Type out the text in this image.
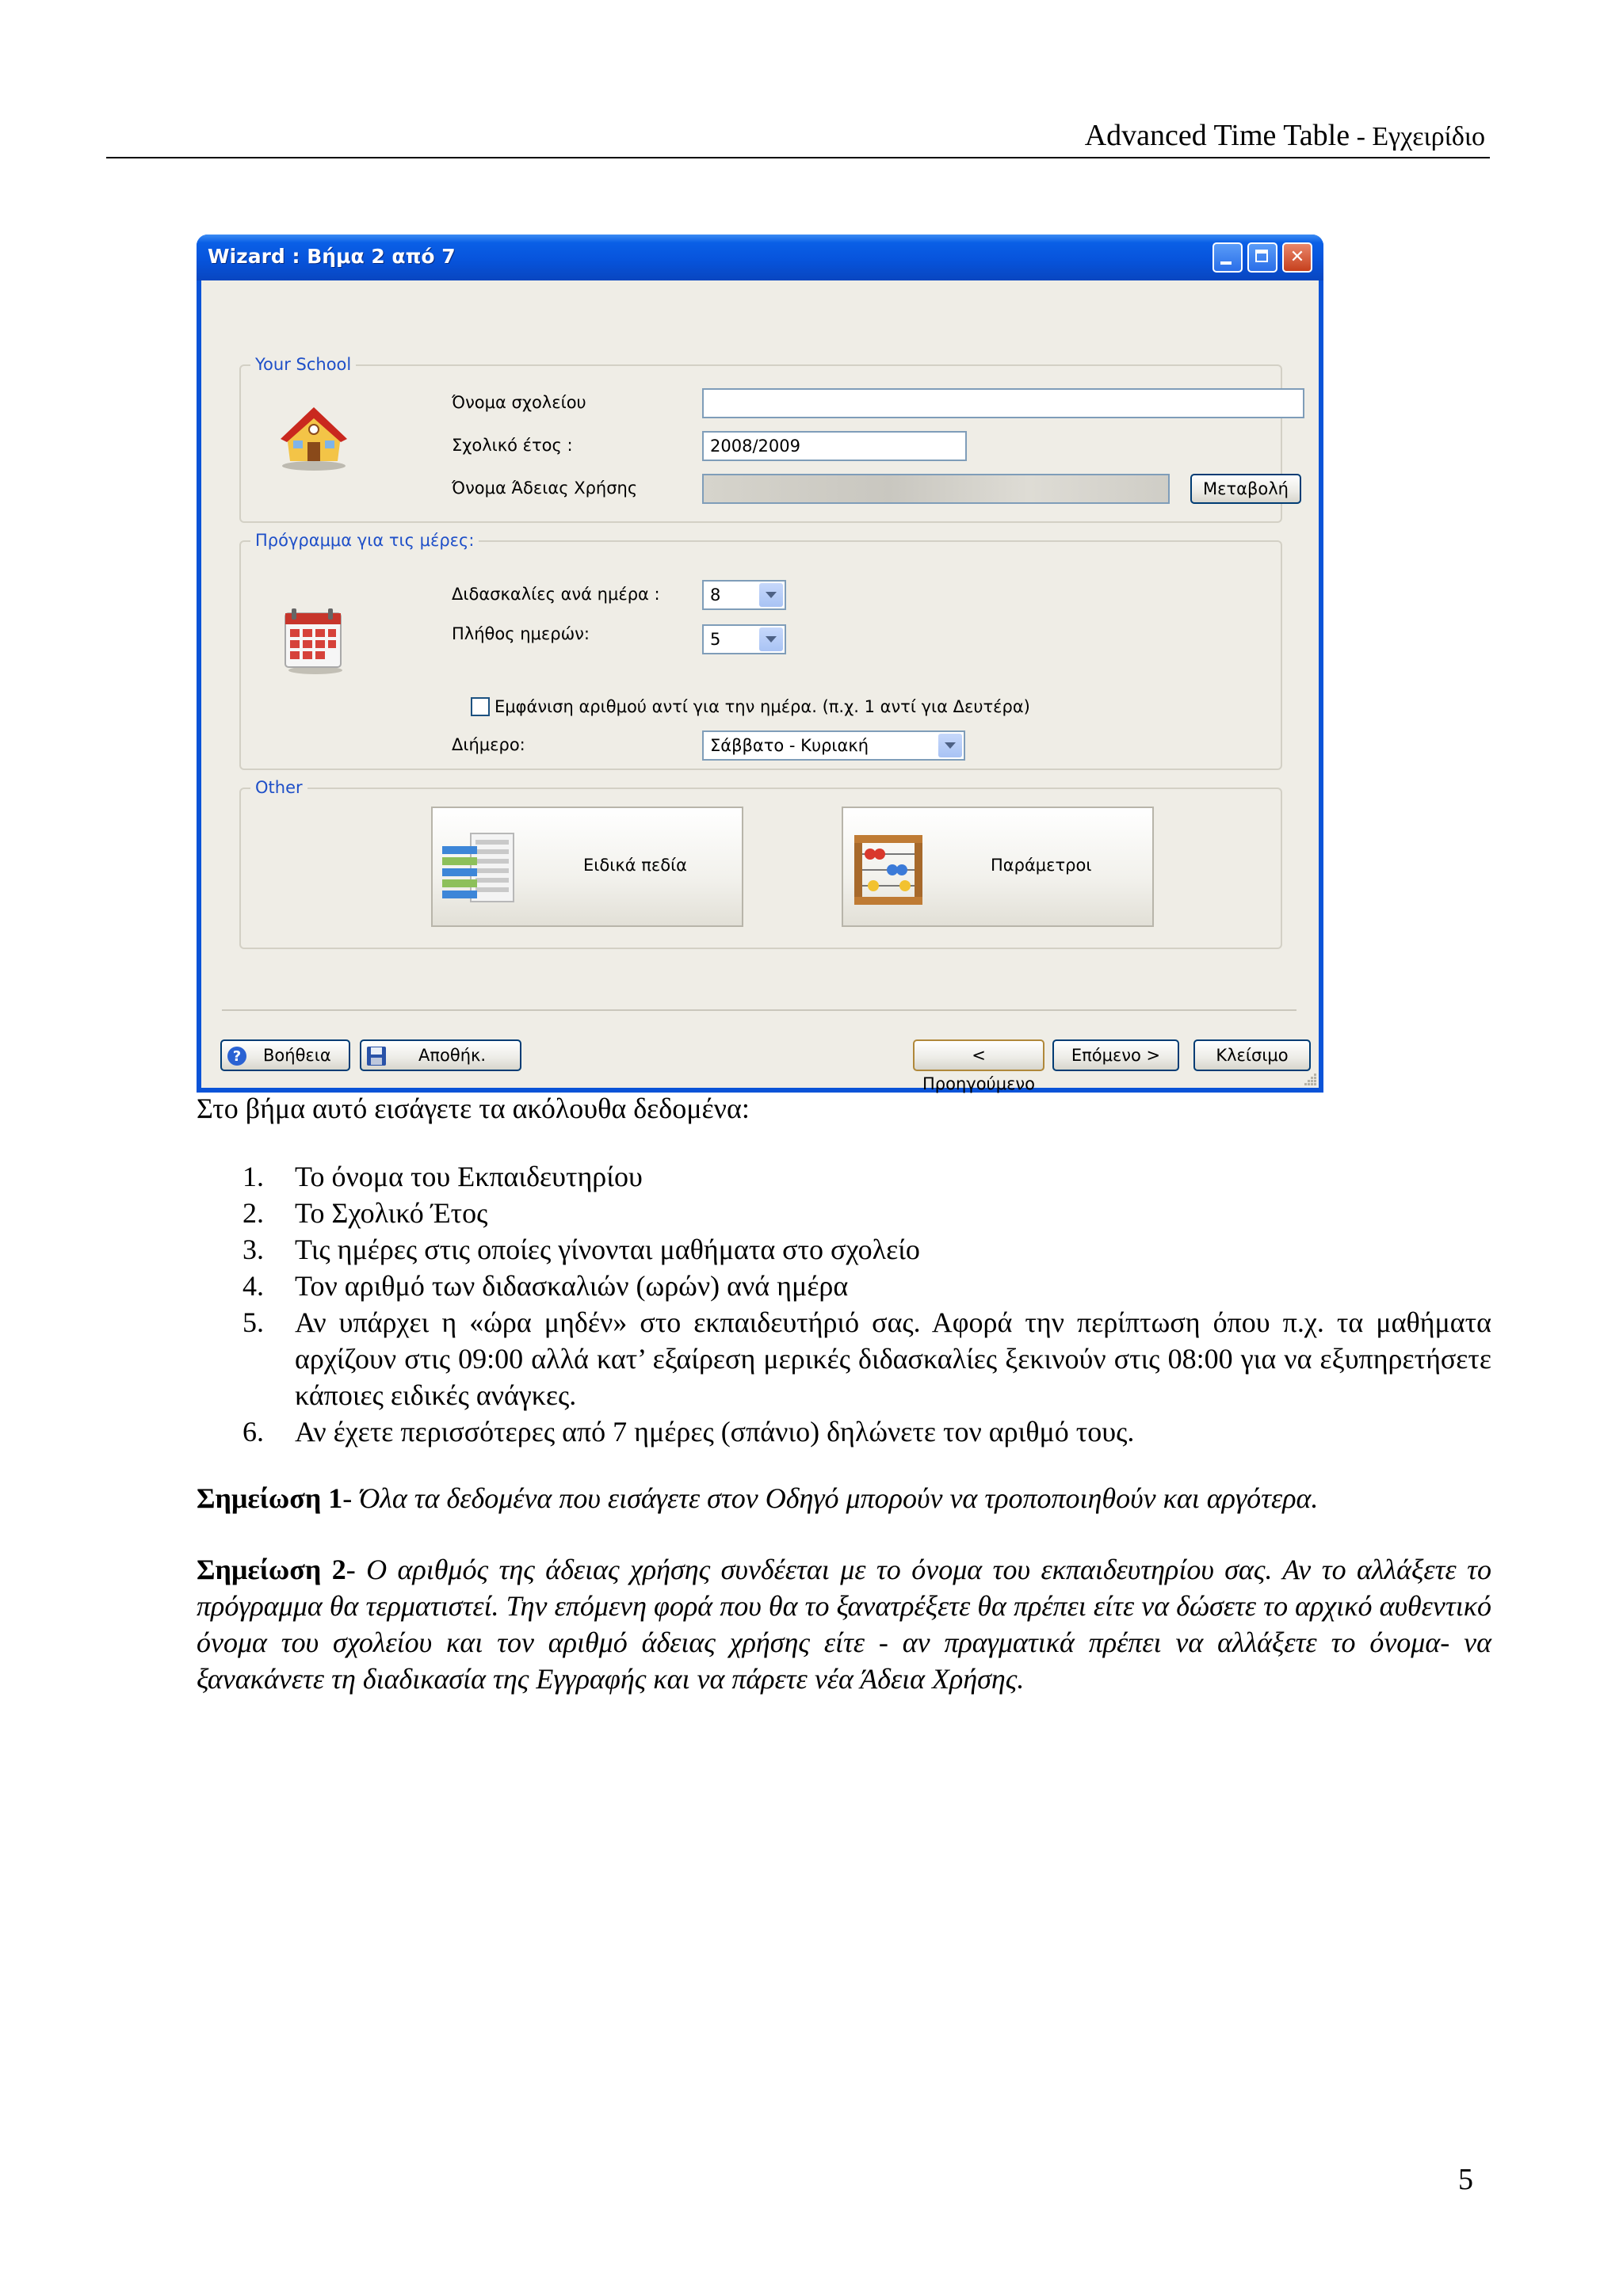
Advanced Time Table - Εγχειρίδιο
Wizard : Βήμα 2 από 7	✕
Your School
Όνομα σχολείου
Σχολικό έτος :	2008/2009
Όνομα Άδειας Χρήσης	Μεταβολή
Πρόγραμμα για τις μέρες:
Διδασκαλίες ανά ημέρα :	8
Πλήθος ημερών:	5
Εμφάνιση αριθμού αντί για την ημέρα. (π.χ. 1 αντί για Δευτέρα)
Διήμερο:	Σάββατο - Κυριακή
Other
Ειδικά πεδία	Παράμετροι
? Βοήθεια	Αποθήκ.	< Προηγούμενο
Επόμενο >	Κλείσιμο
Στο βήμα αυτό εισάγετε τα ακόλουθα δεδομένα:
1. Το όνομα του Εκπαιδευτηρίου
2. Το Σχολικό Έτος
3. Τις ημέρες στις οποίες γίνονται μαθήματα στο σχολείο
4. Τον αριθμό των διδασκαλιών (ωρών) ανά ημέρα
5. Αν υπάρχει η «ώρα μηδέν» στο εκπαιδευτήριό σας. Αφορά την περίπτωση όπου π.χ. τα μαθήματα αρχίζουν στις 09:00 αλλά κατ’ εξαίρεση μερικές διδασκαλίες ξεκινούν στις 08:00 για να εξυπηρετήσετε κάποιες ειδικές ανάγκες.
6. Αν έχετε περισσότερες από 7 ημέρες (σπάνιο) δηλώνετε τον αριθμό τους.
Σημείωση 1- Όλα τα δεδομένα που εισάγετε στον Οδηγό μπορούν να τροποποιηθούν και αργότερα.
Σημείωση 2- Ο αριθμός της άδειας χρήσης συνδέεται με το όνομα του εκπαιδευτηρίου σας. Αν το αλλάξετε το πρόγραμμα θα τερματιστεί. Την επόμενη φορά που θα το ξανατρέξετε θα πρέπει είτε να δώσετε το αρχικό αυθεντικό όνομα του σχολείου και τον αριθμό άδειας χρήσης είτε - αν πραγματικά πρέπει να αλλάξετε το όνομα- να ξανακάνετε τη διαδικασία της Εγγραφής και να πάρετε νέα Άδεια Χρήσης.
5
